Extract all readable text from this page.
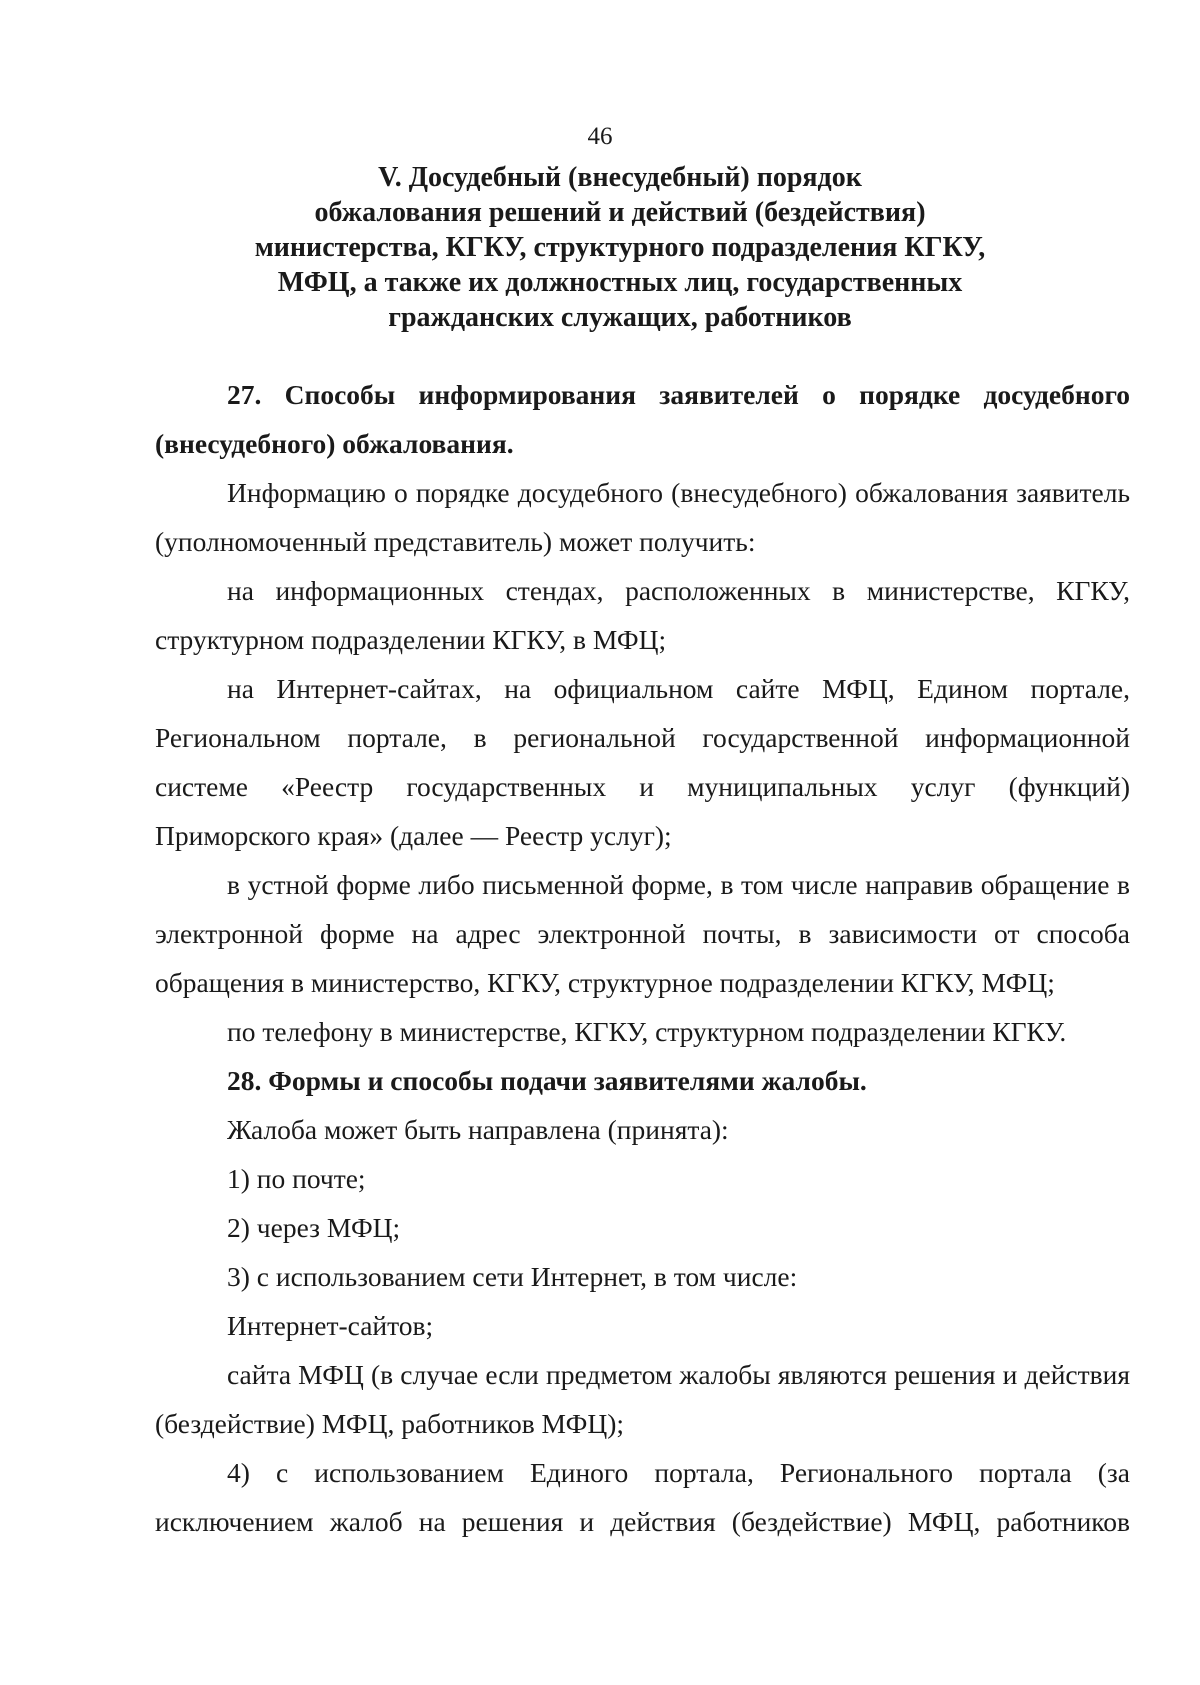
46
V. Досудебный (внесудебный) порядок
обжалования решений и действий (бездействия)
министерства, КГКУ, структурного подразделения КГКУ,
МФЦ, а также их должностных лиц, государственных
гражданских служащих, работников

27. Способы информирования заявителей о порядке досудебного (внесудебного) обжалования.

Информацию о порядке досудебного (внесудебного) обжалования заявитель (уполномоченный представитель) может получить:

на информационных стендах, расположенных в министерстве, КГКУ, структурном подразделении КГКУ, в МФЦ;

на Интернет-сайтах, на официальном сайте МФЦ, Едином портале, Региональном портале, в региональной государственной информационной системе «Реестр государственных и муниципальных услуг (функций) Приморского края» (далее — Реестр услуг);

в устной форме либо письменной форме, в том числе направив обращение в электронной форме на адрес электронной почты, в зависимости от способа обращения в министерство, КГКУ, структурное подразделении КГКУ, МФЦ;

по телефону в министерстве, КГКУ, структурном подразделении КГКУ.

28. Формы и способы подачи заявителями жалобы.

Жалоба может быть направлена (принята):

1) по почте;

2) через МФЦ;

3) с использованием сети Интернет, в том числе:

Интернет-сайтов;

сайта МФЦ (в случае если предметом жалобы являются решения и действия (бездействие) МФЦ, работников МФЦ);

4) с использованием Единого портала, Регионального портала (за исключением жалоб на решения и действия (бездействие) МФЦ, работников
